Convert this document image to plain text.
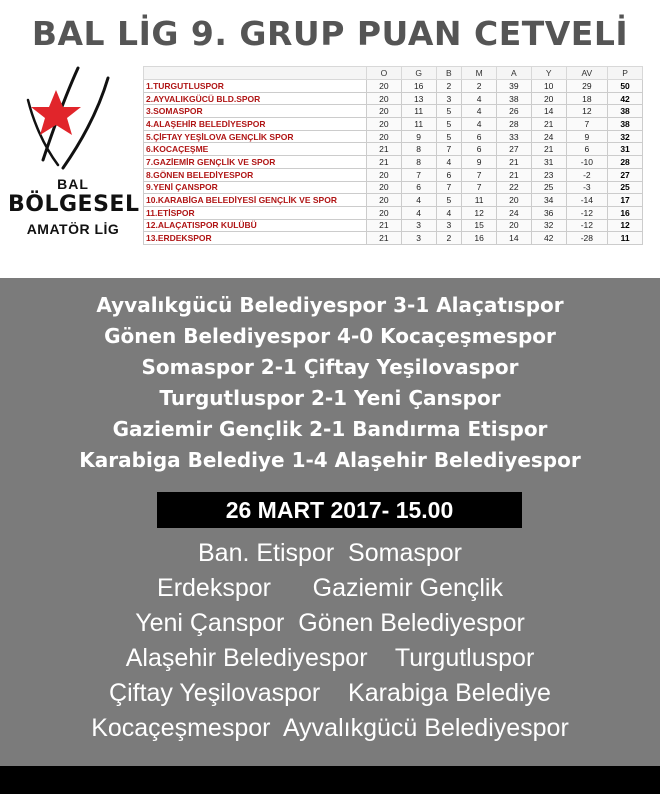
BAL LİG 9. GRUP PUAN CETVELİ
BAL
BÖLGESEL
AMATÖR LİG
	O	G	B	M	A	Y	AV	P
1.TURGUTLUSPOR	20	16	2	2	39	10	29	50
2.AYVALIKGÜCÜ BLD.SPOR	20	13	3	4	38	20	18	42
3.SOMASPOR	20	11	5	4	26	14	12	38
4.ALAŞEHİR BELEDİYESPOR	20	11	5	4	28	21	7	38
5.ÇİFTAY YEŞİLOVA GENÇLİK SPOR	20	9	5	6	33	24	9	32
6.KOCAÇEŞME	21	8	7	6	27	21	6	31
7.GAZİEMİR GENÇLİK VE SPOR	21	8	4	9	21	31	-10	28
8.GÖNEN BELEDİYESPOR	20	7	6	7	21	23	-2	27
9.YENİ ÇANSPOR	20	6	7	7	22	25	-3	25
10.KARABİGA BELEDİYESİ GENÇLİK VE SPOR	20	4	5	11	20	34	-14	17
11.ETİSPOR	20	4	4	12	24	36	-12	16
12.ALAÇATISPOR KULÜBÜ	21	3	3	15	20	32	-12	12
13.ERDEKSPOR	21	3	2	16	14	42	-28	11
Ayvalıkgücü Belediyespor 3-1 Alaçatıspor
Gönen Belediyespor 4-0 Kocaçeşmespor
Somaspor 2-1 Çiftay Yeşilovaspor
Turgutluspor 2-1 Yeni Çanspor
Gaziemir Gençlik 2-1 Bandırma Etispor
Karabiga Belediye 1-4 Alaşehir Belediyespor
26 MART 2017- 15.00
Ban. Etispor  Somaspor
Erdekspor      Gaziemir Gençlik
Yeni Çanspor  Gönen Belediyespor
Alaşehir Belediyespor    Turgutluspor
Çiftay Yeşilovaspor    Karabiga Belediye
Kocaçeşmespor  Ayvalıkgücü Belediyespor
